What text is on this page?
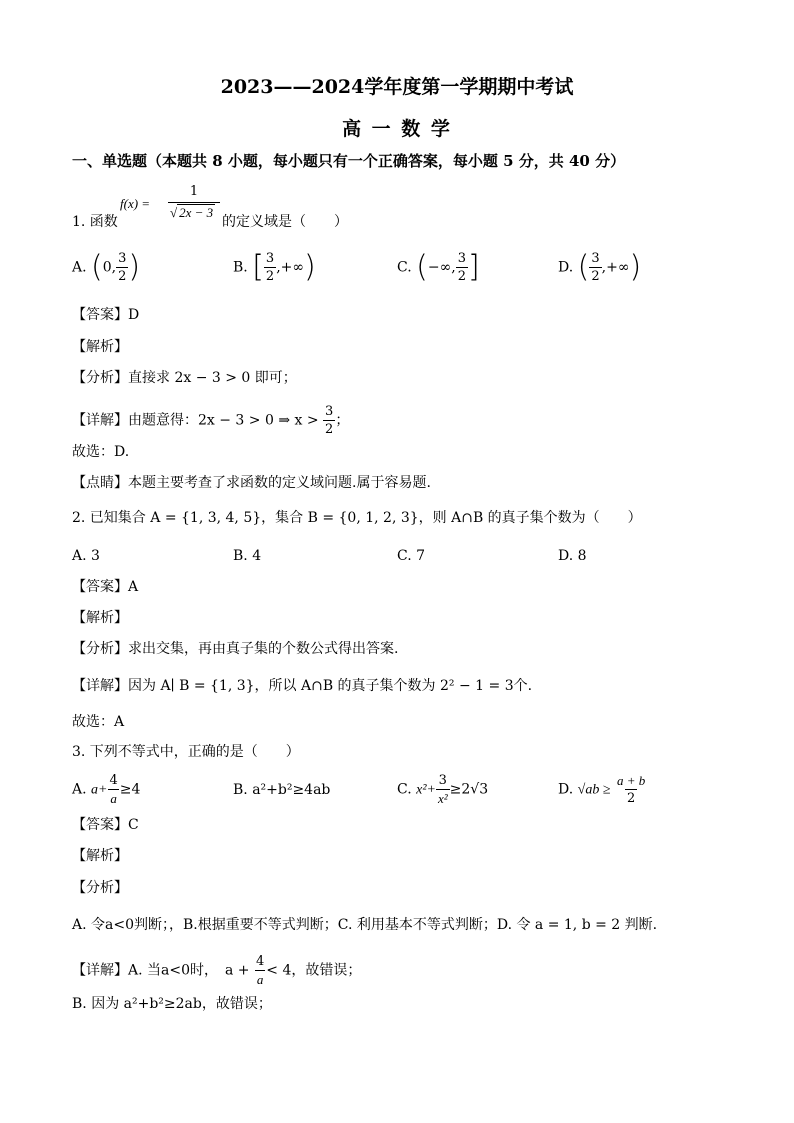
2023——2024学年度第一学期期中考试
高 一 数 学
一、单选题（本题共 8 小题，每小题只有一个正确答案，每小题 5 分，共 40 分）
f(x) =
1
√ 2x − 3
1. 函数	的定义域是（　　）
A. (0, $\frac{3}{2}$ )	B. [ $\frac{3}{2}$ ,+∞)	C. (−∞, $\frac{3}{2}$ ]	D. ( $\frac{3}{2}$ ,+∞)
【答案】D
【解析】
【分析】直接求 2x − 3 > 0 即可；
【详解】由题意得：2x − 3 > 0 ⇒ $x > \frac{3}{2}$ ；
故选：D.
【点睛】本题主要考查了求函数的定义域问题.属于容易题.
2. 已知集合 A = {1, 3, 4, 5}，集合 B = {0, 1, 2, 3}，则 A∩B 的真子集个数为（　　）
A. 3	B. 4	C. 7	D. 8
【答案】A
【解析】
【分析】求出交集，再由真子集的个数公式得出答案.
【详解】因为 A∣ B = {1, 3}，所以 A∩B 的真子集个数为 2² − 1 = 3个.
故选：A
3. 下列不等式中，正确的是（　　）
A. $a+ \frac{4}{a} \ge 4$	B. a²+b²≥4ab	C. $x^2+ \frac{3}{\text{x²}} \ge 2√3$	D. $√ab \ge \frac{a + b}{2}$
【答案】C
【解析】
【分析】
A. 令a<0判断；，B.根据重要不等式判断；C. 利用基本不等式判断；D. 令 a = 1, b = 2 判断.
【详解】A. 当a<0时，　$a + \frac{4}{a} < 4$，故错误；
B. 因为 a²+b²≥2ab，故错误；
